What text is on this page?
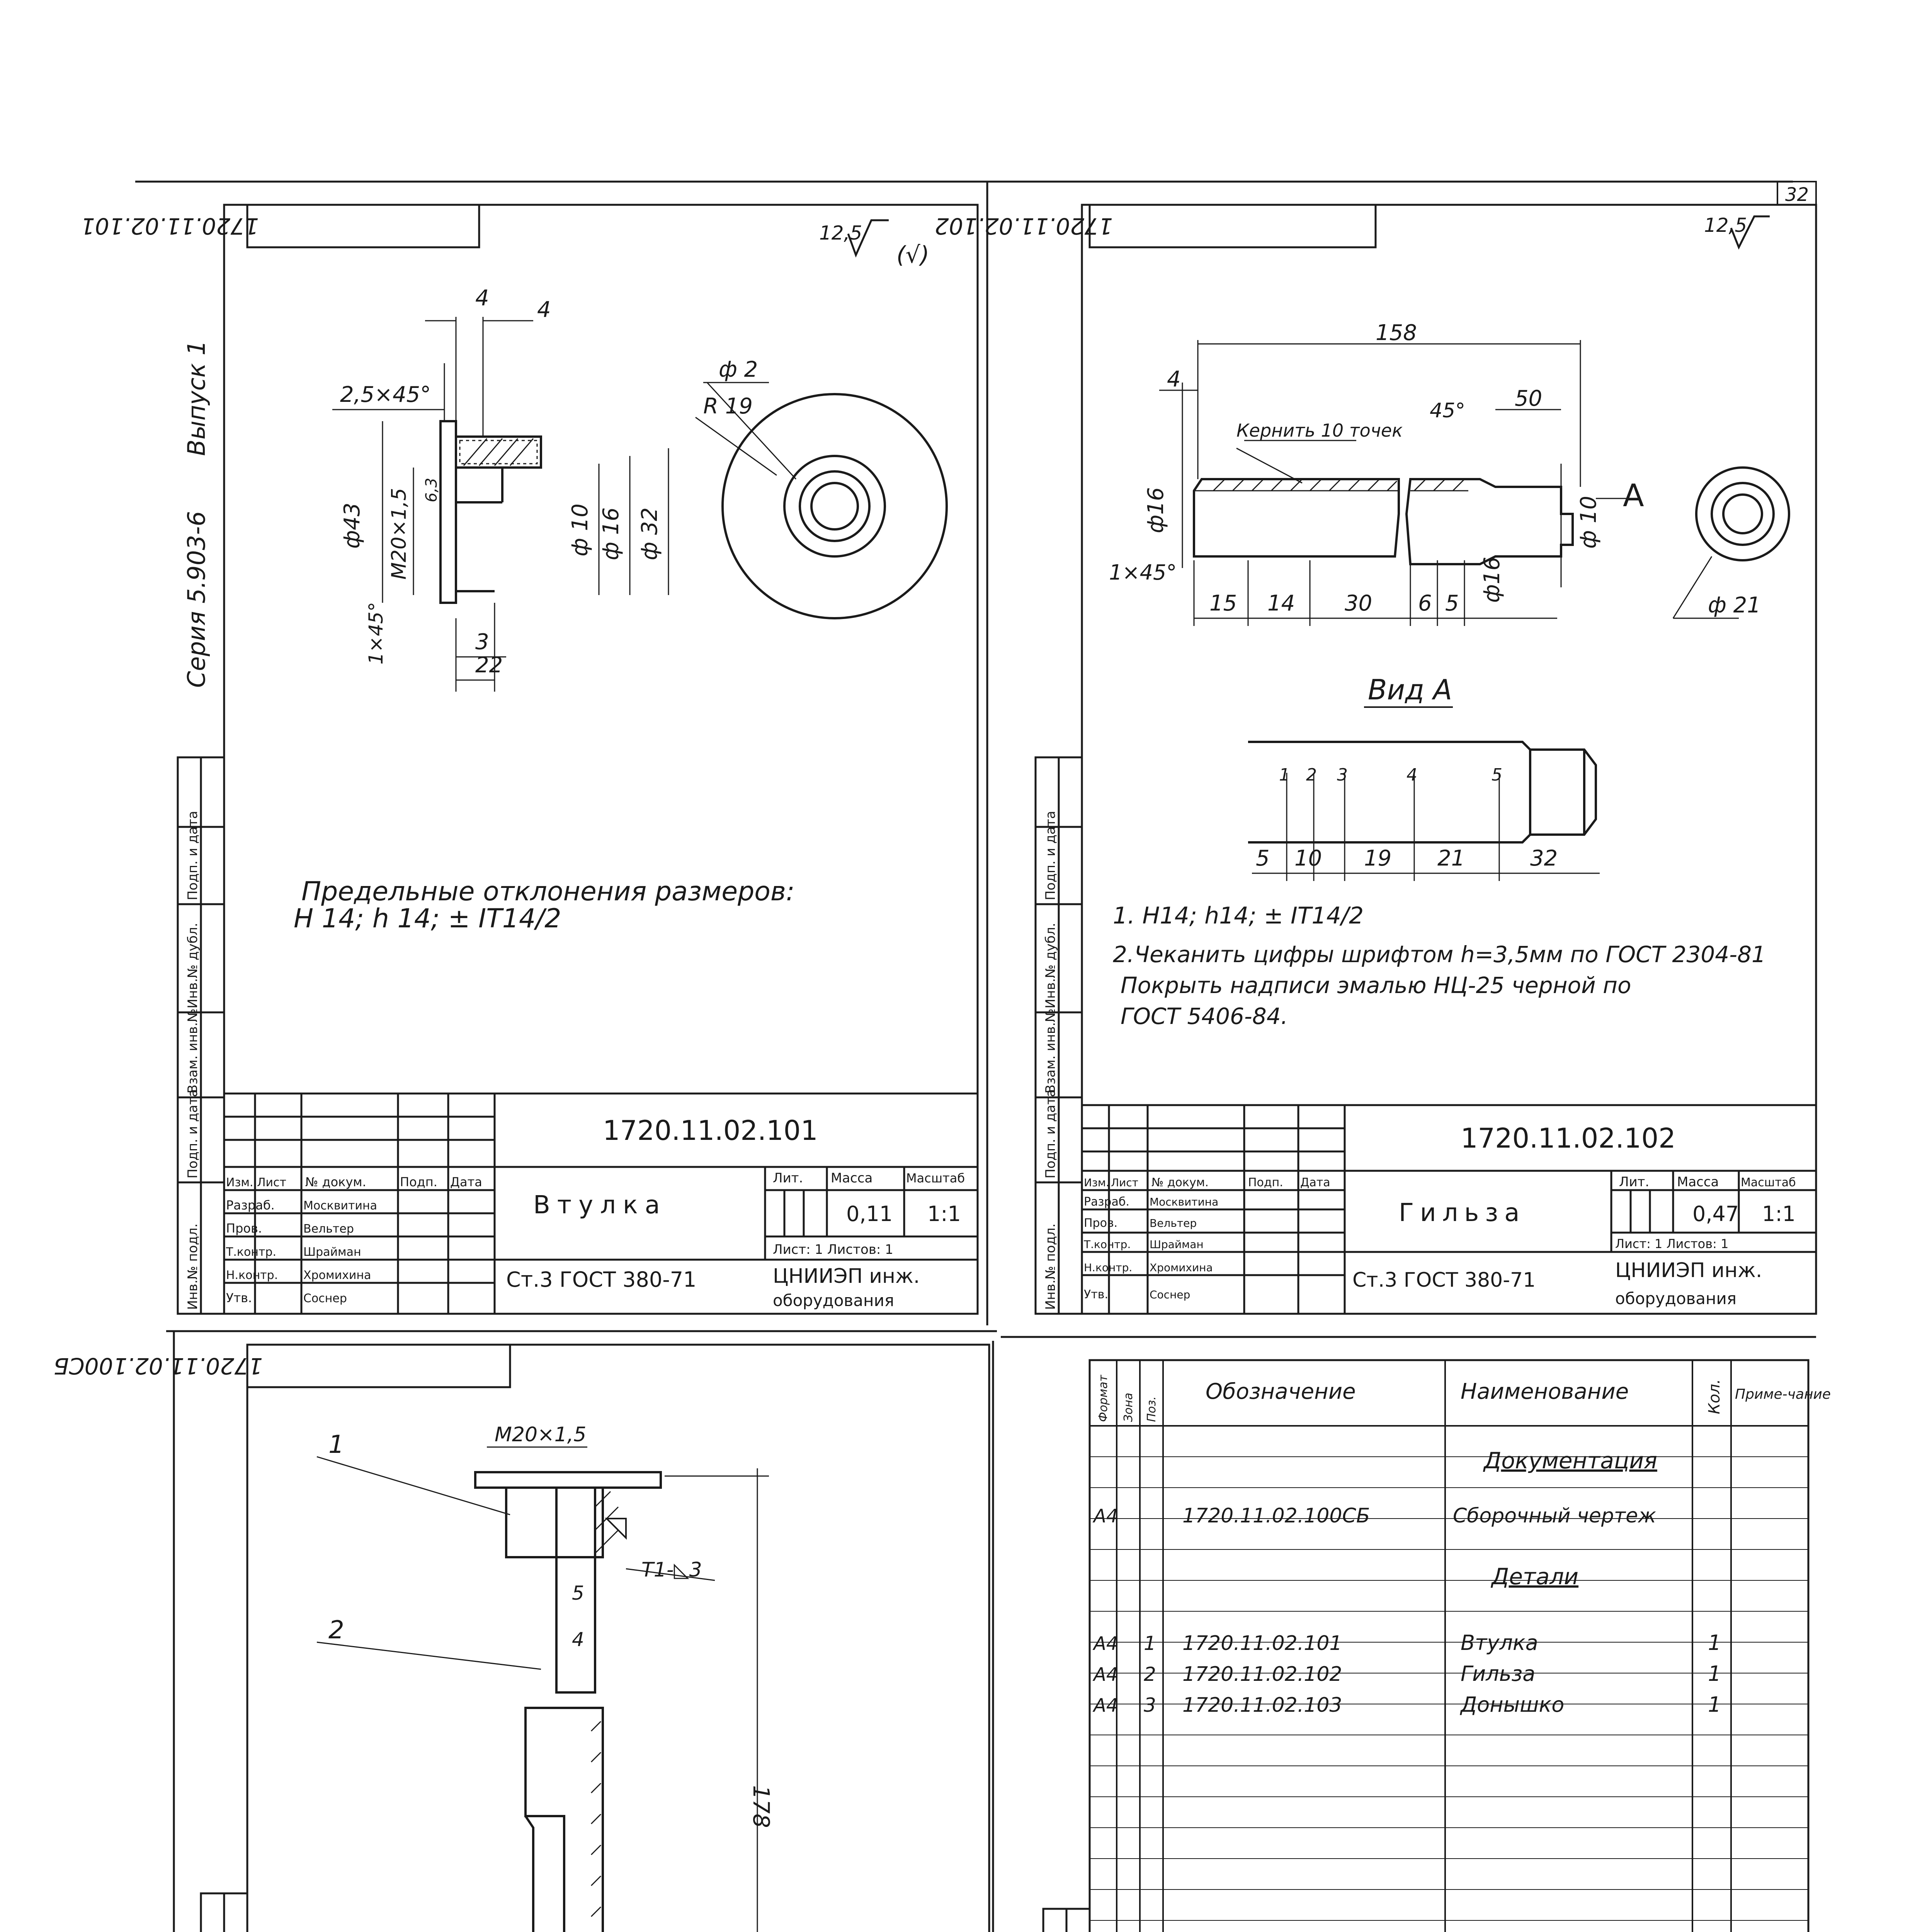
32
Серия 5.903-6
Выпуск 1
1720.11.02.101	12,5
(√)
2,5×45°
4 4
ф43 М20×1,5 6,3
ф 10 ф 16 ф 32
1×45°	3
22
ф 2
R 19
Предельные отклонения размеров:
H 14; h 14; ± IT14/2
1720.11.02.101
Изм. Лист № докум.	Подп. Дата
Разраб. Москвитина
Пров.	Вельтер
Т.контр. Шрайман
Н.контр. Хромихина
Утв.	Соснер
Втулка
Лит. Масса	Масштаб
0,11 1:1
Лист: 1 Листов: 1
Ст.3 ГОСТ 380-71	ЦНИИЭП инж.
оборудования
Инв.№ подл.
Подп. и дата
Взам. инв.№
Инв.№ дубл.
Подп. и дата
1720.11.02.102	12,5
158
4
Кернить 10 точек
45° 50
ф16	ф 10
ф16
1×45°
15 14 30 6 5
А
ф 21
Вид А
1 2 3	4	5
5 10 19 21	32
1. H14; h14; ± IT14/2
2.Чеканить цифры шрифтом h=3,5мм по ГОСТ 2304-81
Покрыть надписи эмалью НЦ-25 черной по
ГОСТ 5406-84.
1720.11.02.102
Изм. Лист № докум.	Подп. Дата
Разраб. Москвитина
Пров.	Вельтер
Т.контр. Шрайман
Н.контр. Хромихина
Утв.	Соснер
Гильза
Лит. Масса Масштаб
0,47 1:1
Лист: 1 Листов: 1
Ст.3 ГОСТ 380-71	ЦНИИЭП инж.
оборудования
Инв.№ подл.
Подп. и дата
Взам. инв.№
Инв.№ дубл.
Подп. и дата
1720.11.02.100СБ
М20×1,5
1
2
Т1-◺3
5
4
178
Формат Зона Поз.
Обозначение	Наименование	Кол. Приме-чание
Документация
А4	1720.11.02.100СБ	Сборочный чертеж
Детали
А4 1 1720.11.02.101	Втулка	1
А4 2 1720.11.02.102	Гильза	1
А4 3 1720.11.02.103	Донышко	1
